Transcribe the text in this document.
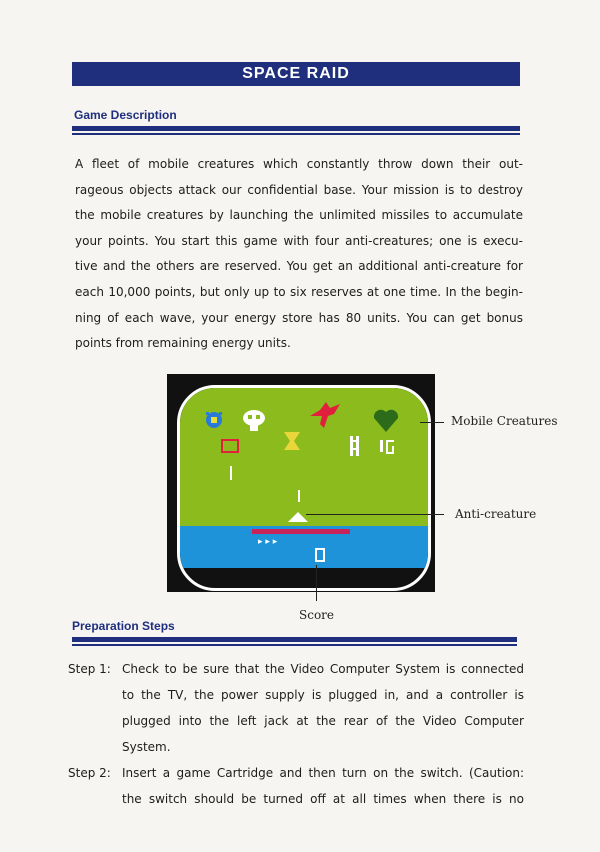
SPACE RAID
Game Description
A fleet of mobile creatures which constantly throw down their out-
rageous objects attack our confidential base. Your mission is to destroy
the mobile creatures by launching the unlimited missiles to accumulate
your points. You start this game with four anti-creatures; one is execu-
tive and the others are reserved. You get an additional anti-creature for
each 10,000 points, but only up to six reserves at one time. In the begin-
ning of each wave, your energy store has 80 units. You can get bonus
points from remaining energy units.
▸ ▸ ▸
Mobile Creatures
Anti-creature
Score
Preparation Steps
Step 1: Check to be sure that the Video Computer System is connected
to the TV, the power supply is plugged in, and a controller is
plugged into the left jack at the rear of the Video Computer
System.
Step 2: Insert a game Cartridge and then turn on the switch. (Caution:
the switch should be turned off at all times when there is no
